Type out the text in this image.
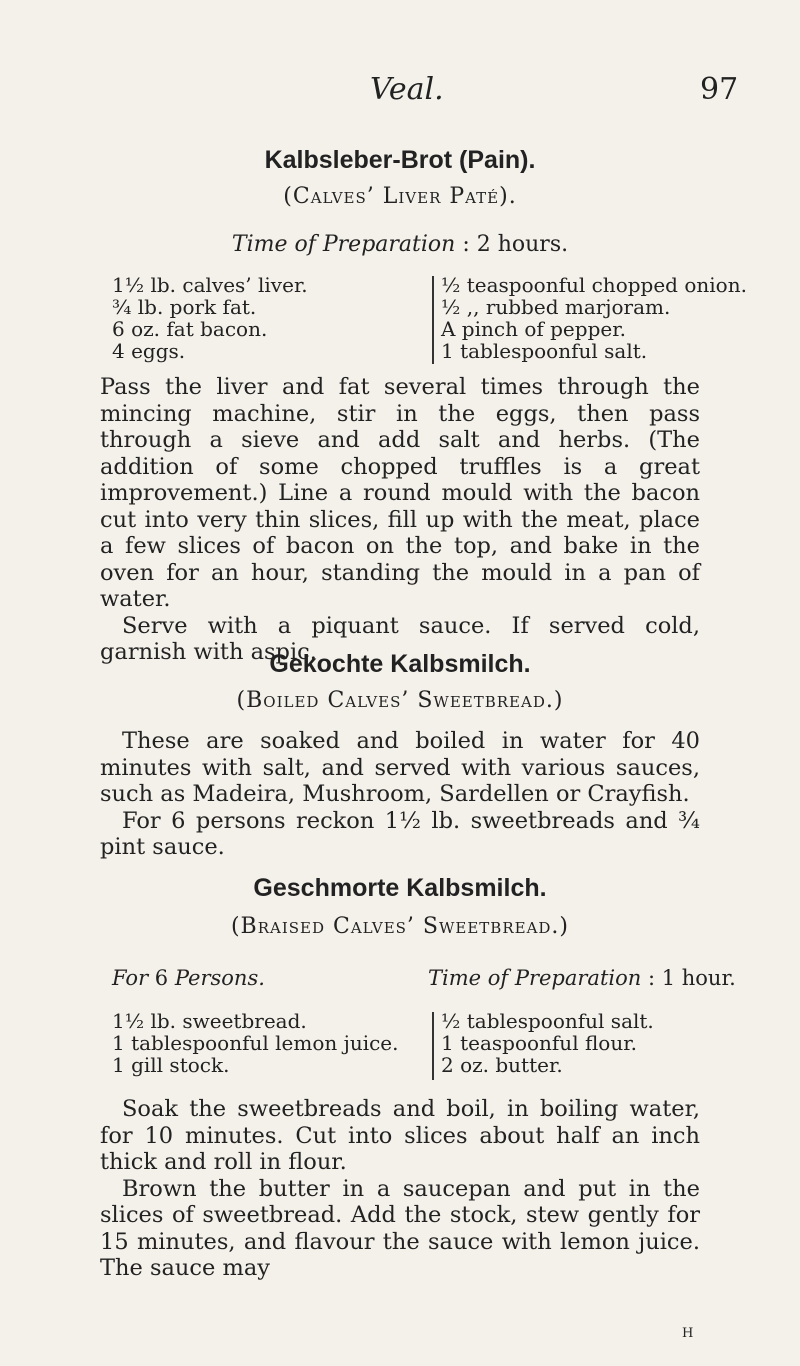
Veal.	97
Kalbsleber-Brot (Pain).
(Calves’ Liver Paté).
Time of Preparation : 2 hours.
1½ lb. calves’ liver.
¾ lb. pork fat.
6 oz. fat bacon.
4 eggs.
½ teaspoonful chopped onion.
½ ,, rubbed marjoram.
A pinch of pepper.
1 tablespoonful salt.

Pass the liver and fat several times through the mincing machine, stir in the eggs, then pass through a sieve and add salt and herbs. (The addition of some chopped truffles is a great improvement.) Line a round mould with the bacon cut into very thin slices, fill up with the meat, place a few slices of bacon on the top, and bake in the oven for an hour, standing the mould in a pan of water.

Serve with a piquant sauce. If served cold, garnish with aspic.

Gekochte Kalbsmilch.
(Boiled Calves’ Sweetbread.)

These are soaked and boiled in water for 40 minutes with salt, and served with various sauces, such as Madeira, Mushroom, Sardellen or Crayfish.

For 6 persons reckon 1½ lb. sweetbreads and ¾ pint sauce.

Geschmorte Kalbsmilch.
(Braised Calves’ Sweetbread.)
For 6 Persons.	Time of Preparation : 1 hour.
1½ lb. sweetbread.
1 tablespoonful lemon juice.
1 gill stock.
½ tablespoonful salt.
1 teaspoonful flour.
2 oz. butter.

Soak the sweetbreads and boil, in boiling water, for 10 minutes. Cut into slices about half an inch thick and roll in flour.

Brown the butter in a saucepan and put in the slices of sweetbread. Add the stock, stew gently for 15 minutes, and flavour the sauce with lemon juice. The sauce may

H
